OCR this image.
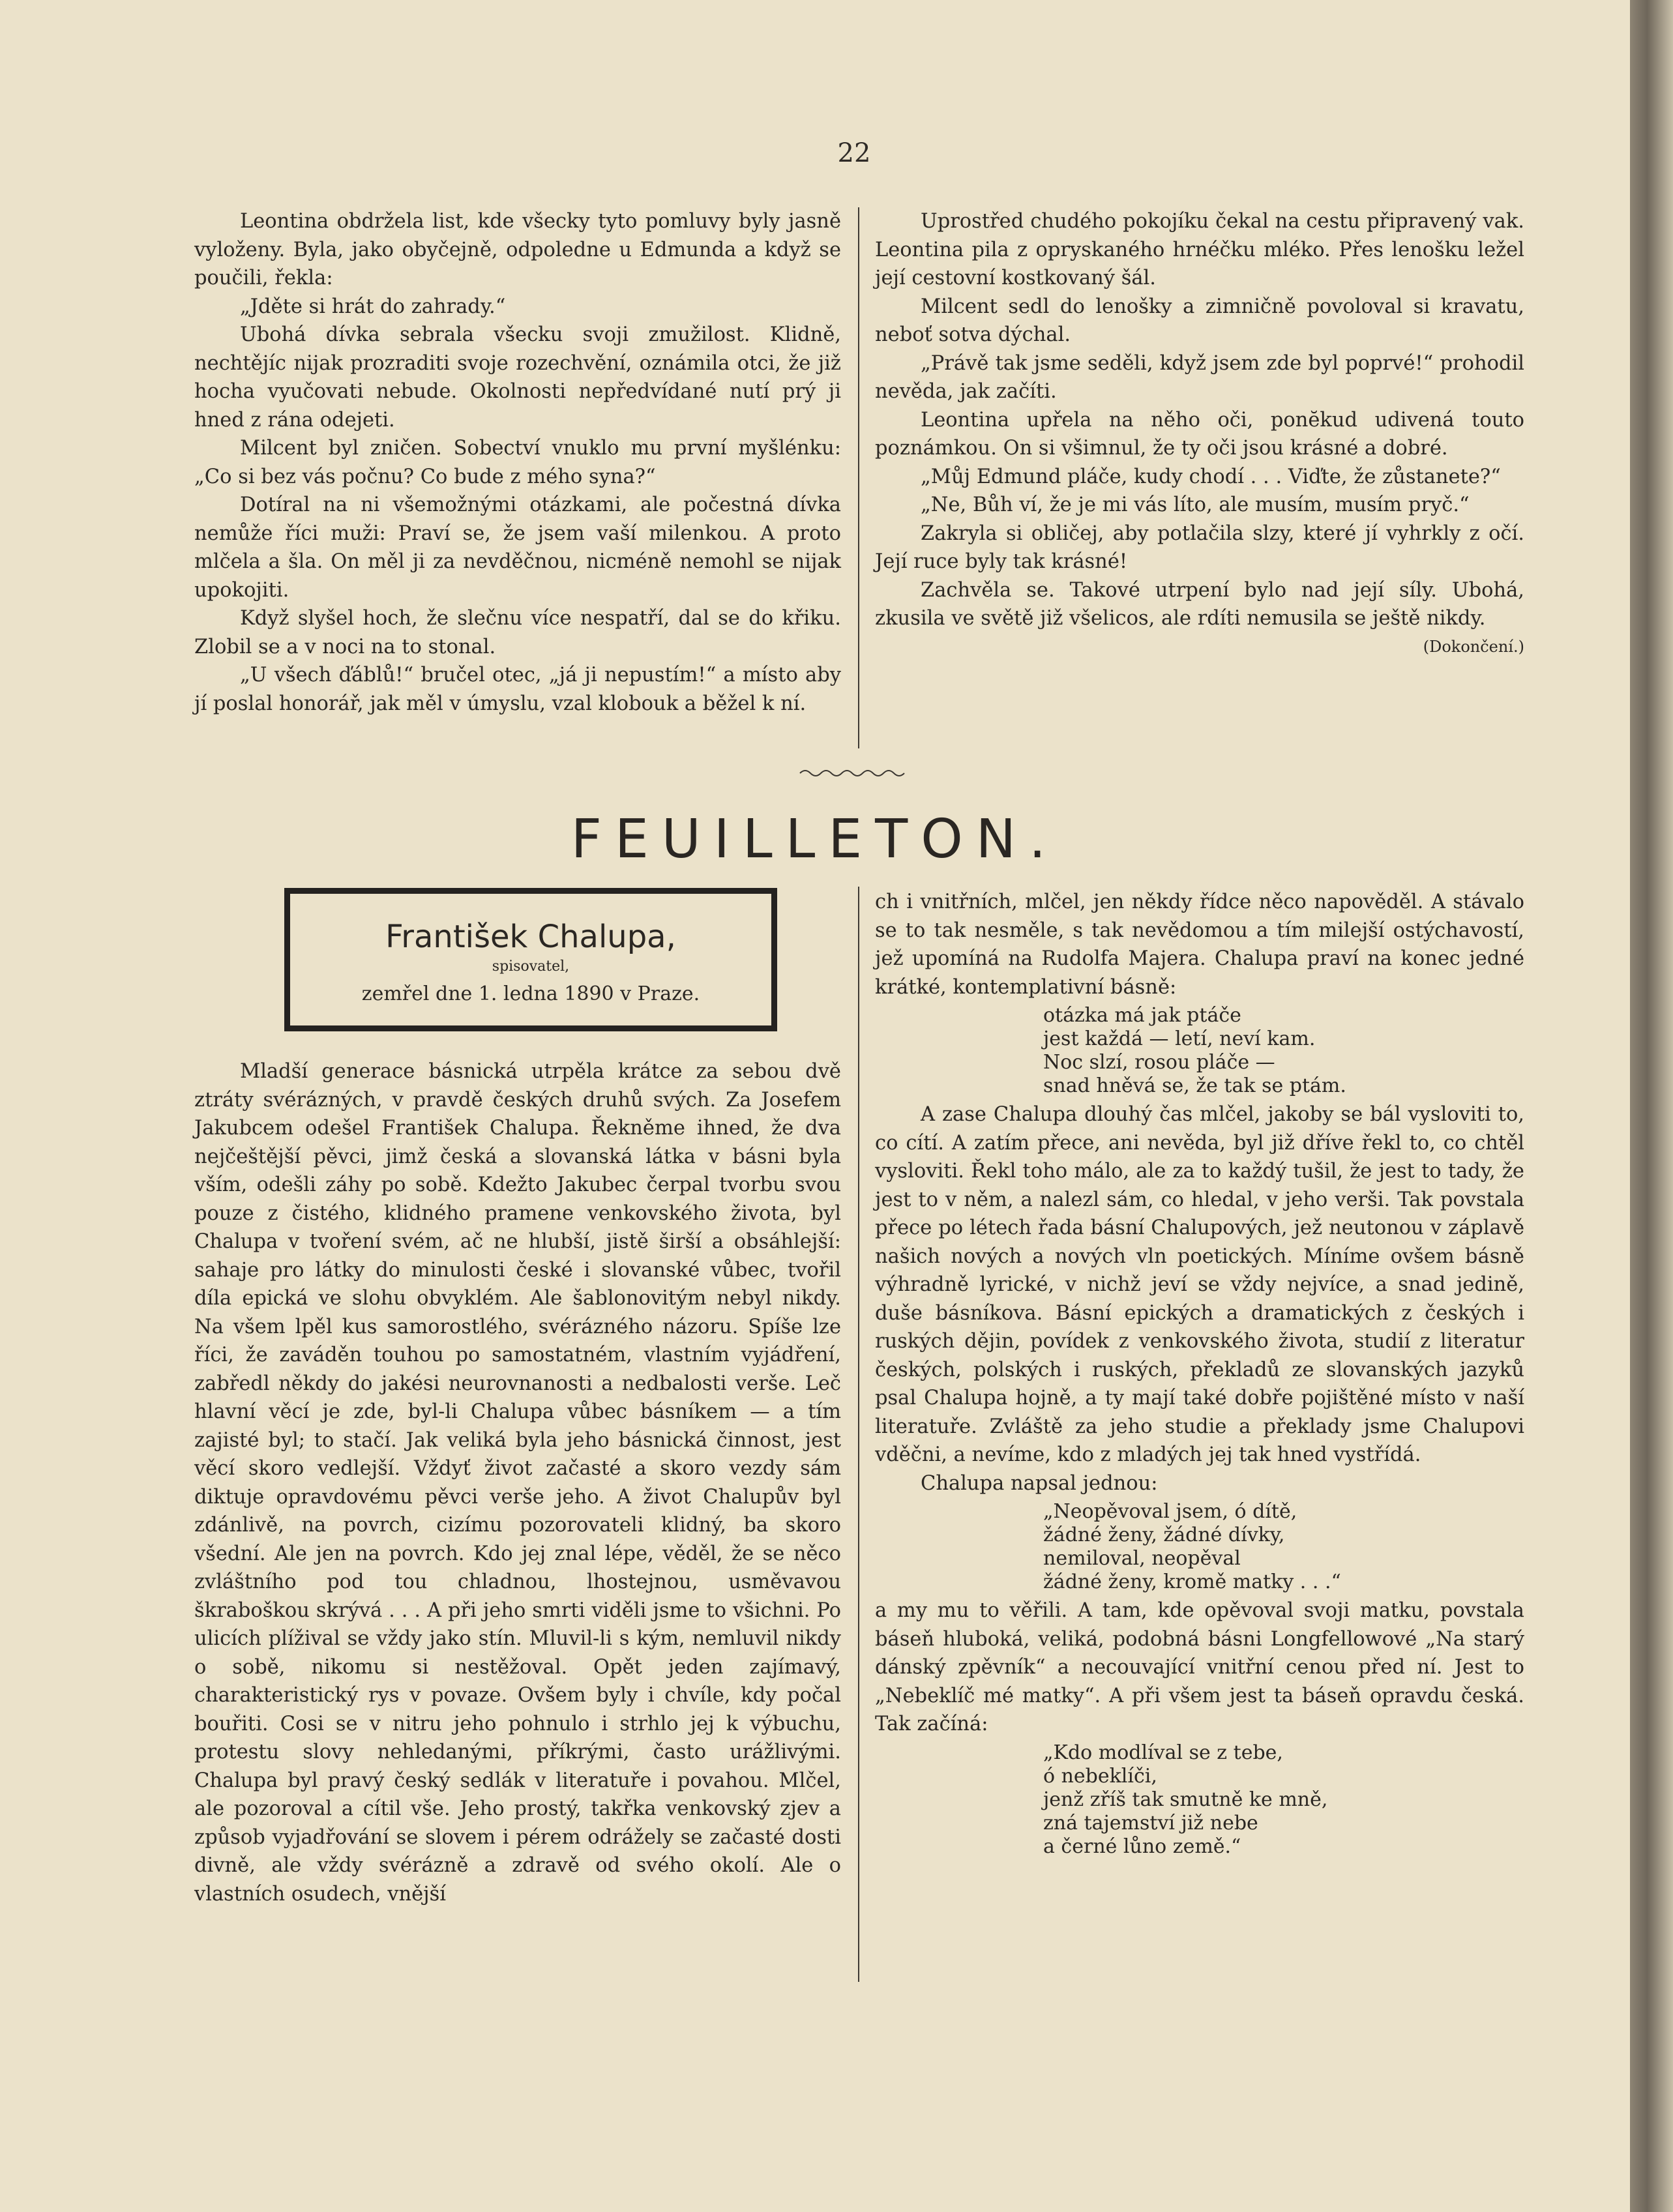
22

Leontina obdržela list, kde všecky tyto pomluvy byly jasně vyloženy. Byla, jako obyčejně, odpoledne u Edmunda a když se poučili, řekla:

„Jděte si hrát do zahrady.“

Ubohá dívka sebrala všecku svoji zmužilost. Klidně, nechtějíc nijak prozraditi svoje rozechvění, oznámila otci, že již hocha vyučovati nebude. Okolnosti nepředvídané nutí prý ji hned z rána odejeti.

Milcent byl zničen. Sobectví vnuklo mu první myšlénku: „Co si bez vás počnu? Co bude z mého syna?“

Dotíral na ni všemožnými otázkami, ale počestná dívka nemůže říci muži: Praví se, že jsem vaší milenkou. A proto mlčela a šla. On měl ji za nevděčnou, nicméně nemohl se nijak upokojiti.

Když slyšel hoch, že slečnu více nespatří, dal se do křiku. Zlobil se a v noci na to stonal.

„U všech ďáblů!“ bručel otec, „já ji nepustím!“ a místo aby jí poslal honorář, jak měl v úmyslu, vzal klobouk a běžel k ní.

Uprostřed chudého pokojíku čekal na cestu připravený vak. Leontina pila z opryskaného hrnéčku mléko. Přes lenošku ležel její cestovní kostkovaný šál.

Milcent sedl do lenošky a zimničně povoloval si kravatu, neboť sotva dýchal.

„Právě tak jsme seděli, když jsem zde byl poprvé!“ prohodil nevěda, jak začíti.

Leontina upřela na něho oči, ponĕkud udivená touto poznámkou. On si všimnul, že ty oči jsou krásné a dobré.

„Můj Edmund pláče, kudy chodí . . . Viďte, že zůstanete?“

„Ne, Bůh ví, že je mi vás líto, ale musím, musím pryč.“

Zakryla si obličej, aby potlačila slzy, které jí vyhrkly z očí. Její ruce byly tak krásné!

Zachvěla se. Takové utrpení bylo nad její síly. Ubohá, zkusila ve světě již všelicos, ale rdíti nemusila se ještě nikdy.
(Dokončení.)

FEUILLETON.
František Chalupa,
spisovatel,
zemřel dne 1. ledna 1890 v Praze.

Mladší generace básnická utrpěla krátce za sebou dvě ztráty svérázných, v pravdě českých druhů svých. Za Josefem Jakubcem odešel František Chalupa. Řekněme ihned, že dva nejčeštější pěvci, jimž česká a slovanská látka v básni byla vším, odešli záhy po sobě. Kdežto Jakubec čerpal tvorbu svou pouze z čistého, klidného pramene venkovského života, byl Chalupa v tvoření svém, ač ne hlubší, jistě širší a obsáhlejší: sahaje pro látky do minulosti české i slovanské vůbec, tvořil díla epická ve slohu obvyklém. Ale šablonovitým nebyl nikdy. Na všem lpěl kus samorostlého, svérázného názoru. Spíše lze říci, že zaváděn touhou po samostatném, vlastním vyjádření, zabředl někdy do jakési neurovnanosti a nedbalosti verše. Leč hlavní věcí je zde, byl-li Chalupa vůbec básníkem — a tím zajisté byl; to stačí. Jak veliká byla jeho básnická činnost, jest věcí skoro vedlejší. Vždyť život začasté a skoro vezdy sám diktuje opravdovému pěvci verše jeho. A život Chalupův byl zdánlivě, na povrch, cizímu pozorovateli klidný, ba skoro všední. Ale jen na povrch. Kdo jej znal lépe, věděl, že se něco zvláštního pod tou chladnou, lhostejnou, usměvavou škraboškou skrývá . . . A při jeho smrti viděli jsme to všichni. Po ulicích plížival se vždy jako stín. Mluvil-li s kým, nemluvil nikdy o sobě, nikomu si nestěžoval. Opět jeden zajímavý, charakteristický rys v povaze. Ovšem byly i chvíle, kdy počal bouřiti. Cosi se v nitru jeho pohnulo i strhlo jej k výbuchu, protestu slovy nehledanými, příkrými, často urážlivými. Chalupa byl pravý český sedlák v literatuře i povahou. Mlčel, ale pozoroval a cítil vše. Jeho prostý, takřka venkovský zjev a způsob vyjadřování se slovem i pérem odrážely se začasté dosti divně, ale vždy svérázně a zdravě od svého okolí. Ale o vlastních osudech, vnější

ch i vnitřních, mlčel, jen někdy řídce něco napověděl. A stávalo se to tak nesměle, s tak nevědomou a tím milejší ostýchavostí, jež upomíná na Rudolfa Majera. Chalupa praví na konec jedné krátké, kontemplativní básně:

otázka má jak ptáče

jest každá — letí, neví kam.

Noc slzí, rosou pláče —

snad hněvá se, že tak se ptám.

A zase Chalupa dlouhý čas mlčel, jakoby se bál vysloviti to, co cítí. A zatím přece, ani nevěda, byl již dříve řekl to, co chtěl vysloviti. Řekl toho málo, ale za to každý tušil, že jest to tady, že jest to v něm, a nalezl sám, co hledal, v jeho verši. Tak povstala přece po létech řada básní Chalupových, jež neutonou v záplavě našich nových a nových vln poetických. Míníme ovšem básně výhradně lyrické, v nichž jeví se vždy nejvíce, a snad jedině, duše básníkova. Básní epických a dramatických z českých i ruských dějin, povídek z venkovského života, studií z literatur českých, polských i ruských, překladů ze slovanských jazyků psal Chalupa hojně, a ty mají také dobře pojištěné místo v naší literatuře. Zvláště za jeho studie a překlady jsme Chalupovi vděčni, a nevíme, kdo z mladých jej tak hned vystřídá.

Chalupa napsal jednou:

„Neopěvoval jsem, ó dítě,

žádné ženy, žádné dívky,

nemiloval, neopěval

žádné ženy, kromě matky . . .“

a my mu to věřili. A tam, kde opěvoval svoji matku, povstala báseň hluboká, veliká, podobná básni Longfellowové „Na starý dánský zpěvník“ a necouvající vnitřní cenou před ní. Jest to „Nebeklíč mé matky“. A při všem jest ta báseň opravdu česká. Tak začíná:

„Kdo modlíval se z tebe,

ó nebeklíči,

jenž zříš tak smutně ke mně,

zná tajemství již nebe

a černé lůno země.“
